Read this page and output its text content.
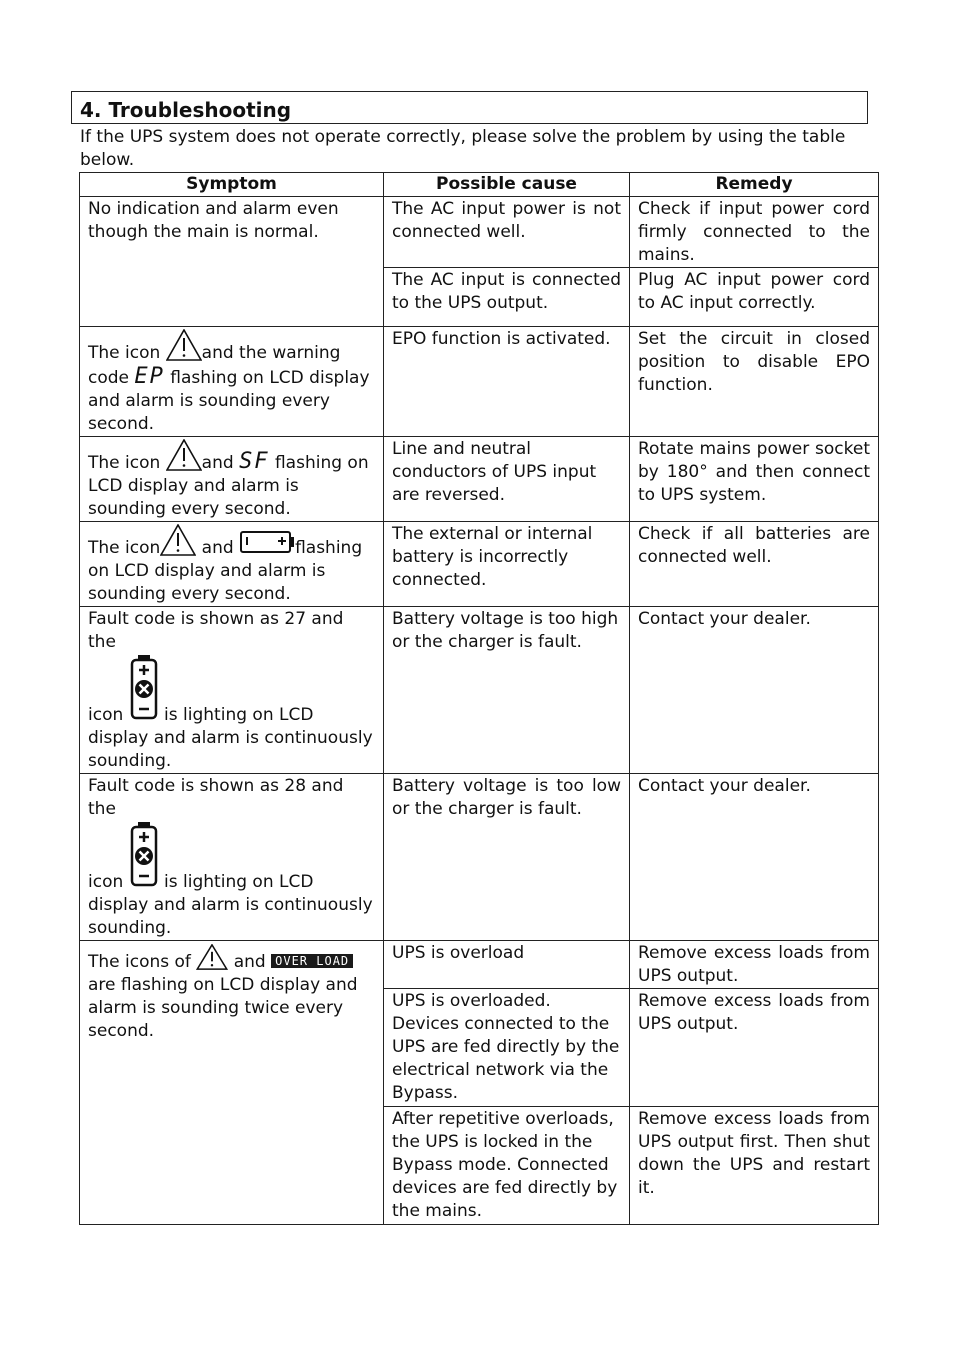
4. Troubleshooting

If the UPS system does not operate correctly, please solve the problem by using the table below.

Symptom	Possible cause	Remedy
No indication and alarm even though the main is normal.	The AC input power is not connected well.	Check if input power cord firmly connected to the mains.
	The AC input is connected to the UPS output.	Plug AC input power cord to AC input correctly.
The icon
and the warning code EP flashing on LCD display and alarm is sounding every second.	EPO function is activated.	Set the circuit in closed position to disable EPO function.
The icon
and SF flashing on LCD display and alarm is sounding every second.	Line and neutral conductors of UPS input are reversed.	Rotate mains power socket by 180° and then connect to UPS system.
The icon
and flashing on LCD display and alarm is sounding every second.	The external or internal battery is incorrectly connected.	Check if all batteries are connected well.
Fault code is shown as 27 and the
icon
is lighting on LCD display and alarm is continuously sounding.	Battery voltage is too high or the charger is fault.	Contact your dealer.
Fault code is shown as 28 and the
icon
is lighting on LCD display and alarm is continuously sounding.	Battery voltage is too low or the charger is fault.	Contact your dealer.
The icons of
and OVER LOAD are flashing on LCD display and alarm is sounding twice every second.	UPS is overload	Remove excess loads from UPS output.
	UPS is overloaded. Devices connected to the UPS are fed directly by the electrical network via the Bypass.	Remove excess loads from UPS output.
	After repetitive overloads, the UPS is locked in the Bypass mode. Connected devices are fed directly by the mains.	Remove excess loads from UPS output first. Then shut down the UPS and restart it.
